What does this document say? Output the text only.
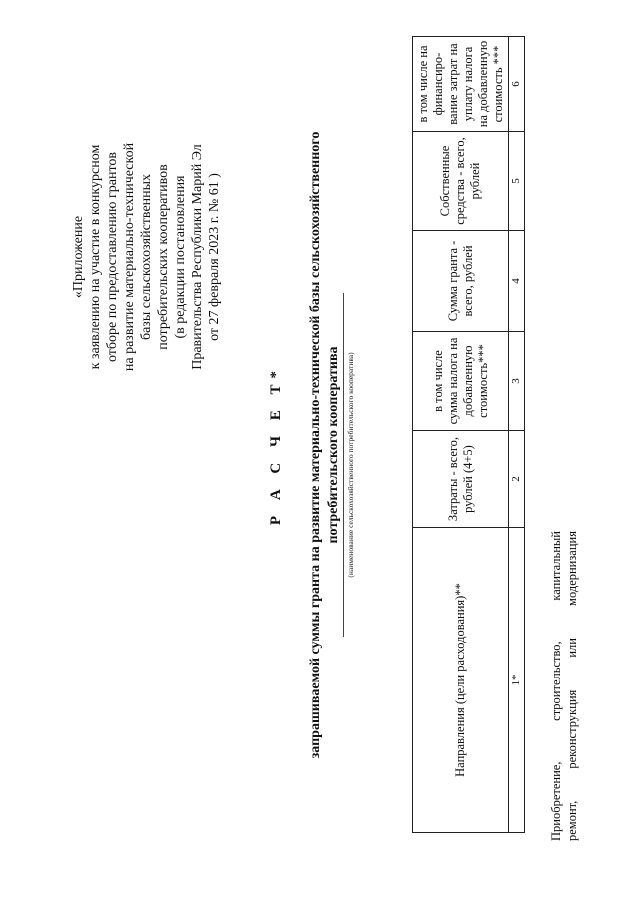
«Приложение к заявлению на участие в конкурсном отборе по предоставлению грантов на развитие материально-технической базы сельскохозяйственных потребительских кооперативов (в редакции постановления Правительства Республики Марий Эл от 27 февраля 2023 г. № 61 )
Р А С Ч Е Т* запрашиваемой суммы гранта на развитие материально-технической базы сельскохозяйственного потребительского кооператива (наименование сельскохозяйственного потребительского кооператива)
Направления (цели расходования)**	Затраты - всего, рублей (4+5)	в том числе сумма налога на добавленную стоимость***	Сумма гранта - всего, рублей	Собственные средства - всего, рублей	в том числе на финансиро-вание затрат на уплату налога на добавленную стоимость ***
1*	2	3	4	5	6
Приобретение, строительство, капитальный ремонт, реконструкция или модернизация
